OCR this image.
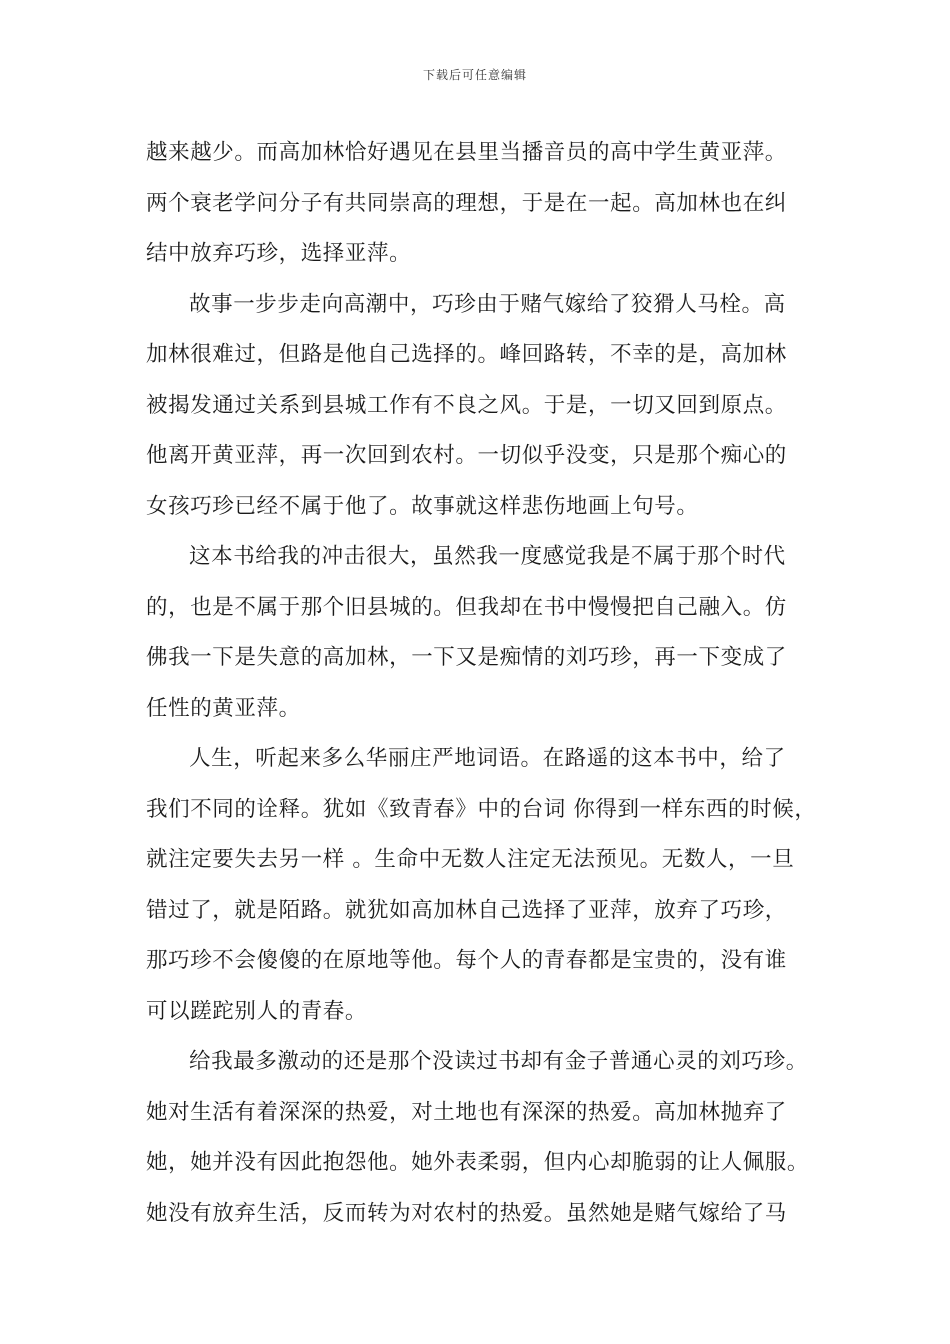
下载后可任意编辑
越来越少。而高加林恰好遇见在县里当播音员的高中学生黄亚萍。
两个衰老学问分子有共同崇高的理想，于是在一起。高加林也在纠
结中放弃巧珍，选择亚萍。
故事一步步走向高潮中，巧珍由于赌气嫁给了狡猾人马栓。高
加林很难过，但路是他自己选择的。峰回路转，不幸的是，高加林
被揭发通过关系到县城工作有不良之风。于是，一切又回到原点。
他离开黄亚萍，再一次回到农村。一切似乎没变，只是那个痴心的
女孩巧珍已经不属于他了。故事就这样悲伤地画上句号。
这本书给我的冲击很大，虽然我一度感觉我是不属于那个时代
的，也是不属于那个旧县城的。但我却在书中慢慢把自己融入。仿
佛我一下是失意的高加林，一下又是痴情的刘巧珍，再一下变成了
任性的黄亚萍。
人生，听起来多么华丽庄严地词语。在路遥的这本书中，给了
我们不同的诠释。犹如《致青春》中的台词 你得到一样东西的时候，
就注定要失去另一样 。生命中无数人注定无法预见。无数人，一旦
错过了，就是陌路。就犹如高加林自己选择了亚萍，放弃了巧珍，
那巧珍不会傻傻的在原地等他。每个人的青春都是宝贵的，没有谁
可以蹉跎别人的青春。
给我最多激动的还是那个没读过书却有金子普通心灵的刘巧珍。
她对生活有着深深的热爱，对土地也有深深的热爱。高加林抛弃了
她，她并没有因此抱怨他。她外表柔弱，但内心却脆弱的让人佩服。
她没有放弃生活，反而转为对农村的热爱。虽然她是赌气嫁给了马
